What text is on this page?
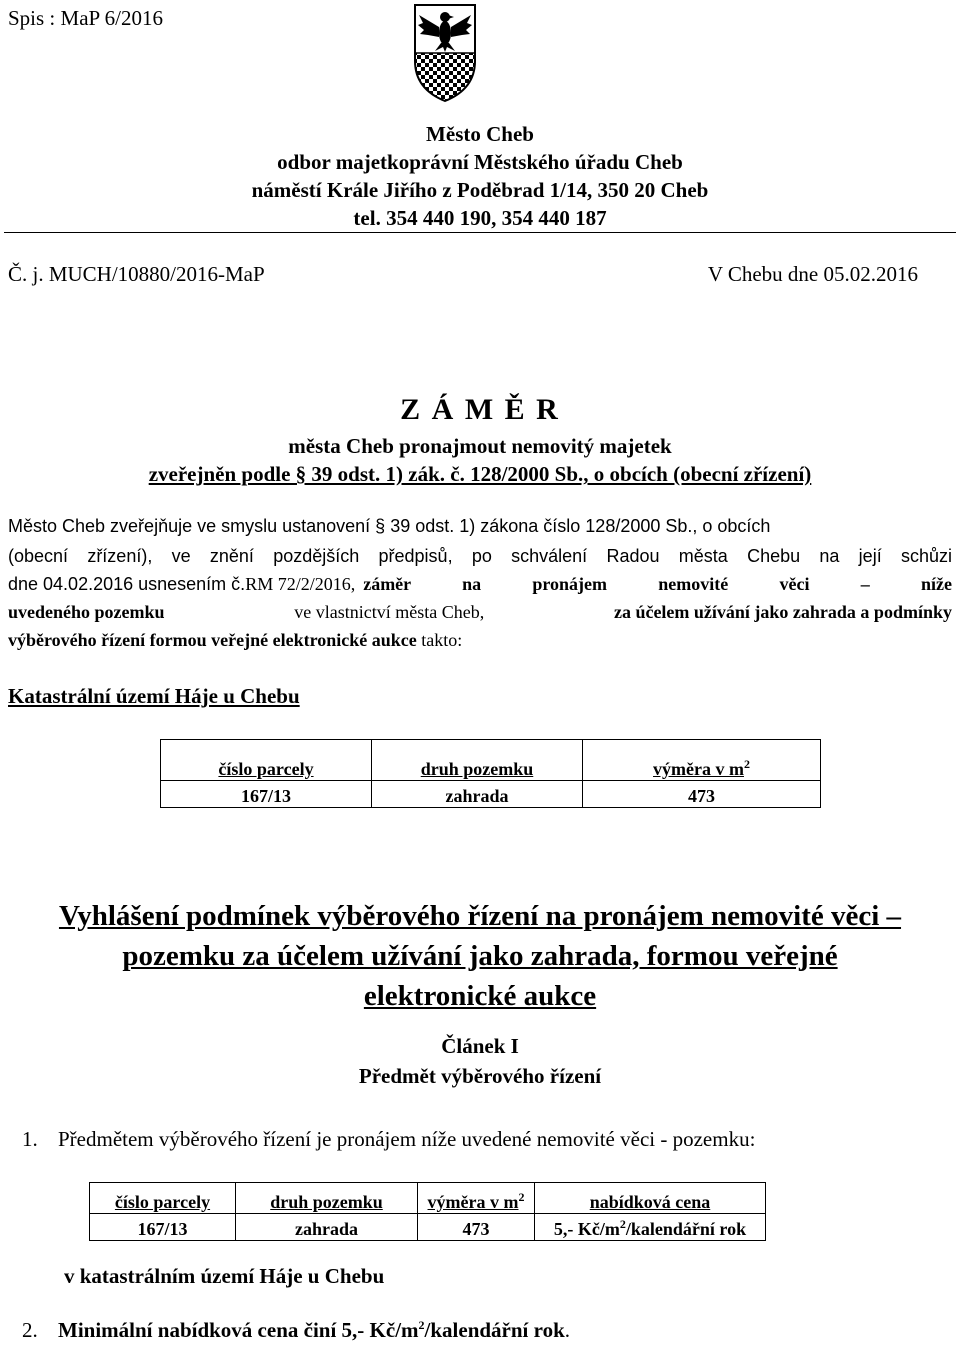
Spis : MaP 6/2016
Město Cheb
odbor majetkoprávní Městského úřadu Cheb
náměstí Krále Jiřího z Poděbrad 1/14, 350 20 Cheb
tel. 354 440 190, 354 440 187
Č. j. MUCH/10880/2016-MaP	V Chebu dne 05.02.2016
Z Á M Ě R
města Cheb pronajmout nemovitý majetek
zveřejněn podle § 39 odst. 1) zák. č. 128/2000 Sb., o obcích (obecní zřízení)
Město Cheb zveřejňuje ve smyslu ustanovení § 39 odst. 1) zákona číslo 128/2000 Sb., o obcích
(obecní zřízení), ve znění pozdějších předpisů, po schválení Radou města Chebu na její schůzi
dne 04.02.2016 usnesením č. RM 72/2/2016, záměr na pronájem nemovité věci – níže
uvedeného pozemku	ve vlastnictví města Cheb,	za účelem užívání jako zahrada a podmínky
výběrového řízení formou veřejné elektronické aukce takto:
Katastrální území Háje u Chebu
číslo parcely	druh pozemku	výměra v $m^2$
167/13	zahrada	473
Vyhlášení podmínek výběrového řízení na pronájem nemovité věci –
pozemku za účelem užívání jako zahrada, formou veřejné
elektronické aukce
Článek I
Předmět výběrového řízení
1. Předmětem výběrového řízení je pronájem níže uvedené nemovité věci - pozemku:
číslo parcely	druh pozemku	výměra v $m^2$	nabídková cena
167/13	zahrada	473	5,- $Kč/m^2$/kalendářní rok
v katastrálním území Háje u Chebu
2. Minimální nabídková cena činí 5,- $Kč/m^2$/kalendářní rok.
